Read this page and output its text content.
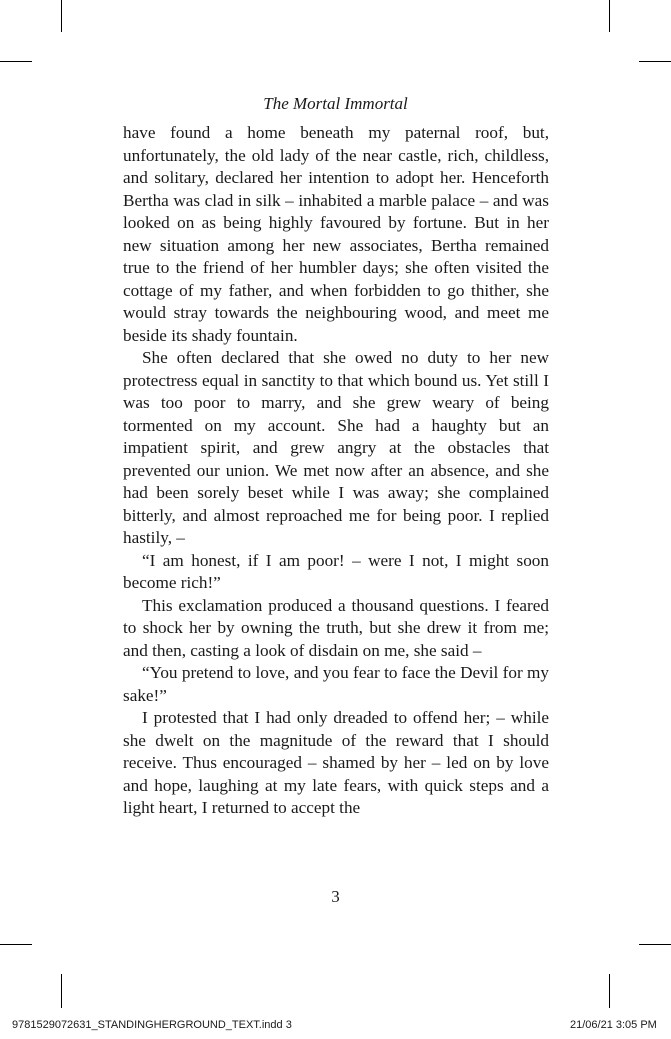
The Mortal Immortal

have found a home beneath my paternal roof, but, unfortunately, the old lady of the near castle, rich, childless, and solitary, declared her intention to adopt her. Henceforth Bertha was clad in silk – inhabited a marble palace – and was looked on as being highly favoured by fortune. But in her new situation among her new associates, Bertha remained true to the friend of her humbler days; she often visited the cottage of my father, and when forbidden to go thither, she would stray towards the neighbouring wood, and meet me beside its shady fountain.

She often declared that she owed no duty to her new protectress equal in sanctity to that which bound us. Yet still I was too poor to marry, and she grew weary of being tormented on my account. She had a haughty but an impatient spirit, and grew angry at the obstacles that prevented our union. We met now after an absence, and she had been sorely beset while I was away; she complained bitterly, and almost reproached me for being poor. I replied hastily, –

“I am honest, if I am poor! – were I not, I might soon become rich!”

This exclamation produced a thousand questions. I feared to shock her by owning the truth, but she drew it from me; and then, casting a look of disdain on me, she said –

“You pretend to love, and you fear to face the Devil for my sake!”

I protested that I had only dreaded to offend her; – while she dwelt on the magnitude of the reward that I should receive. Thus encouraged – shamed by her – led on by love and hope, laughing at my late fears, with quick steps and a light heart, I returned to accept the

3
9781529072631_STANDINGHERGROUND_TEXT.indd 3	21/06/21 3:05 PM
